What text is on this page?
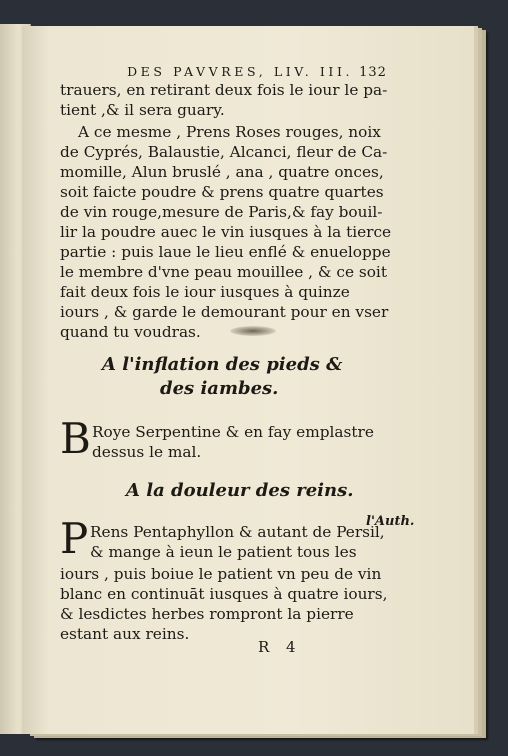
DES PAVVRES, LIV. III. 132
trauers, en retirant deux fois le iour le pa-
tient ,& il sera guary.
A ce mesme , Prens Roses rouges, noix
de Cyprés, Balaustie, Alcanci, fleur de Ca-
momille, Alun bruslé , ana , quatre onces,
soit faicte poudre & prens quatre quartes
de vin rouge,mesure de Paris,& fay bouil-
lir la poudre auec le vin iusques à la tierce
partie : puis laue le lieu enflé & enueloppe
le membre d'vne peau mouillee , & ce soit
fait deux fois le iour iusques à quinze
iours , & garde le demourant pour en vser
quand tu voudras.
A l'inflation des pieds &
des iambes.
B Roye Serpentine & en fay emplastre
dessus le mal.
A la douleur des reins.
P Rens Pentaphyllon & autant de Persil,
& mange à ieun le patient tous les
iours , puis boiue le patient vn peu de vin
blanc en continuāt iusques à quatre iours,
& lesdictes herbes rompront la pierre
estant aux reins.
l'Auth.
R 4
